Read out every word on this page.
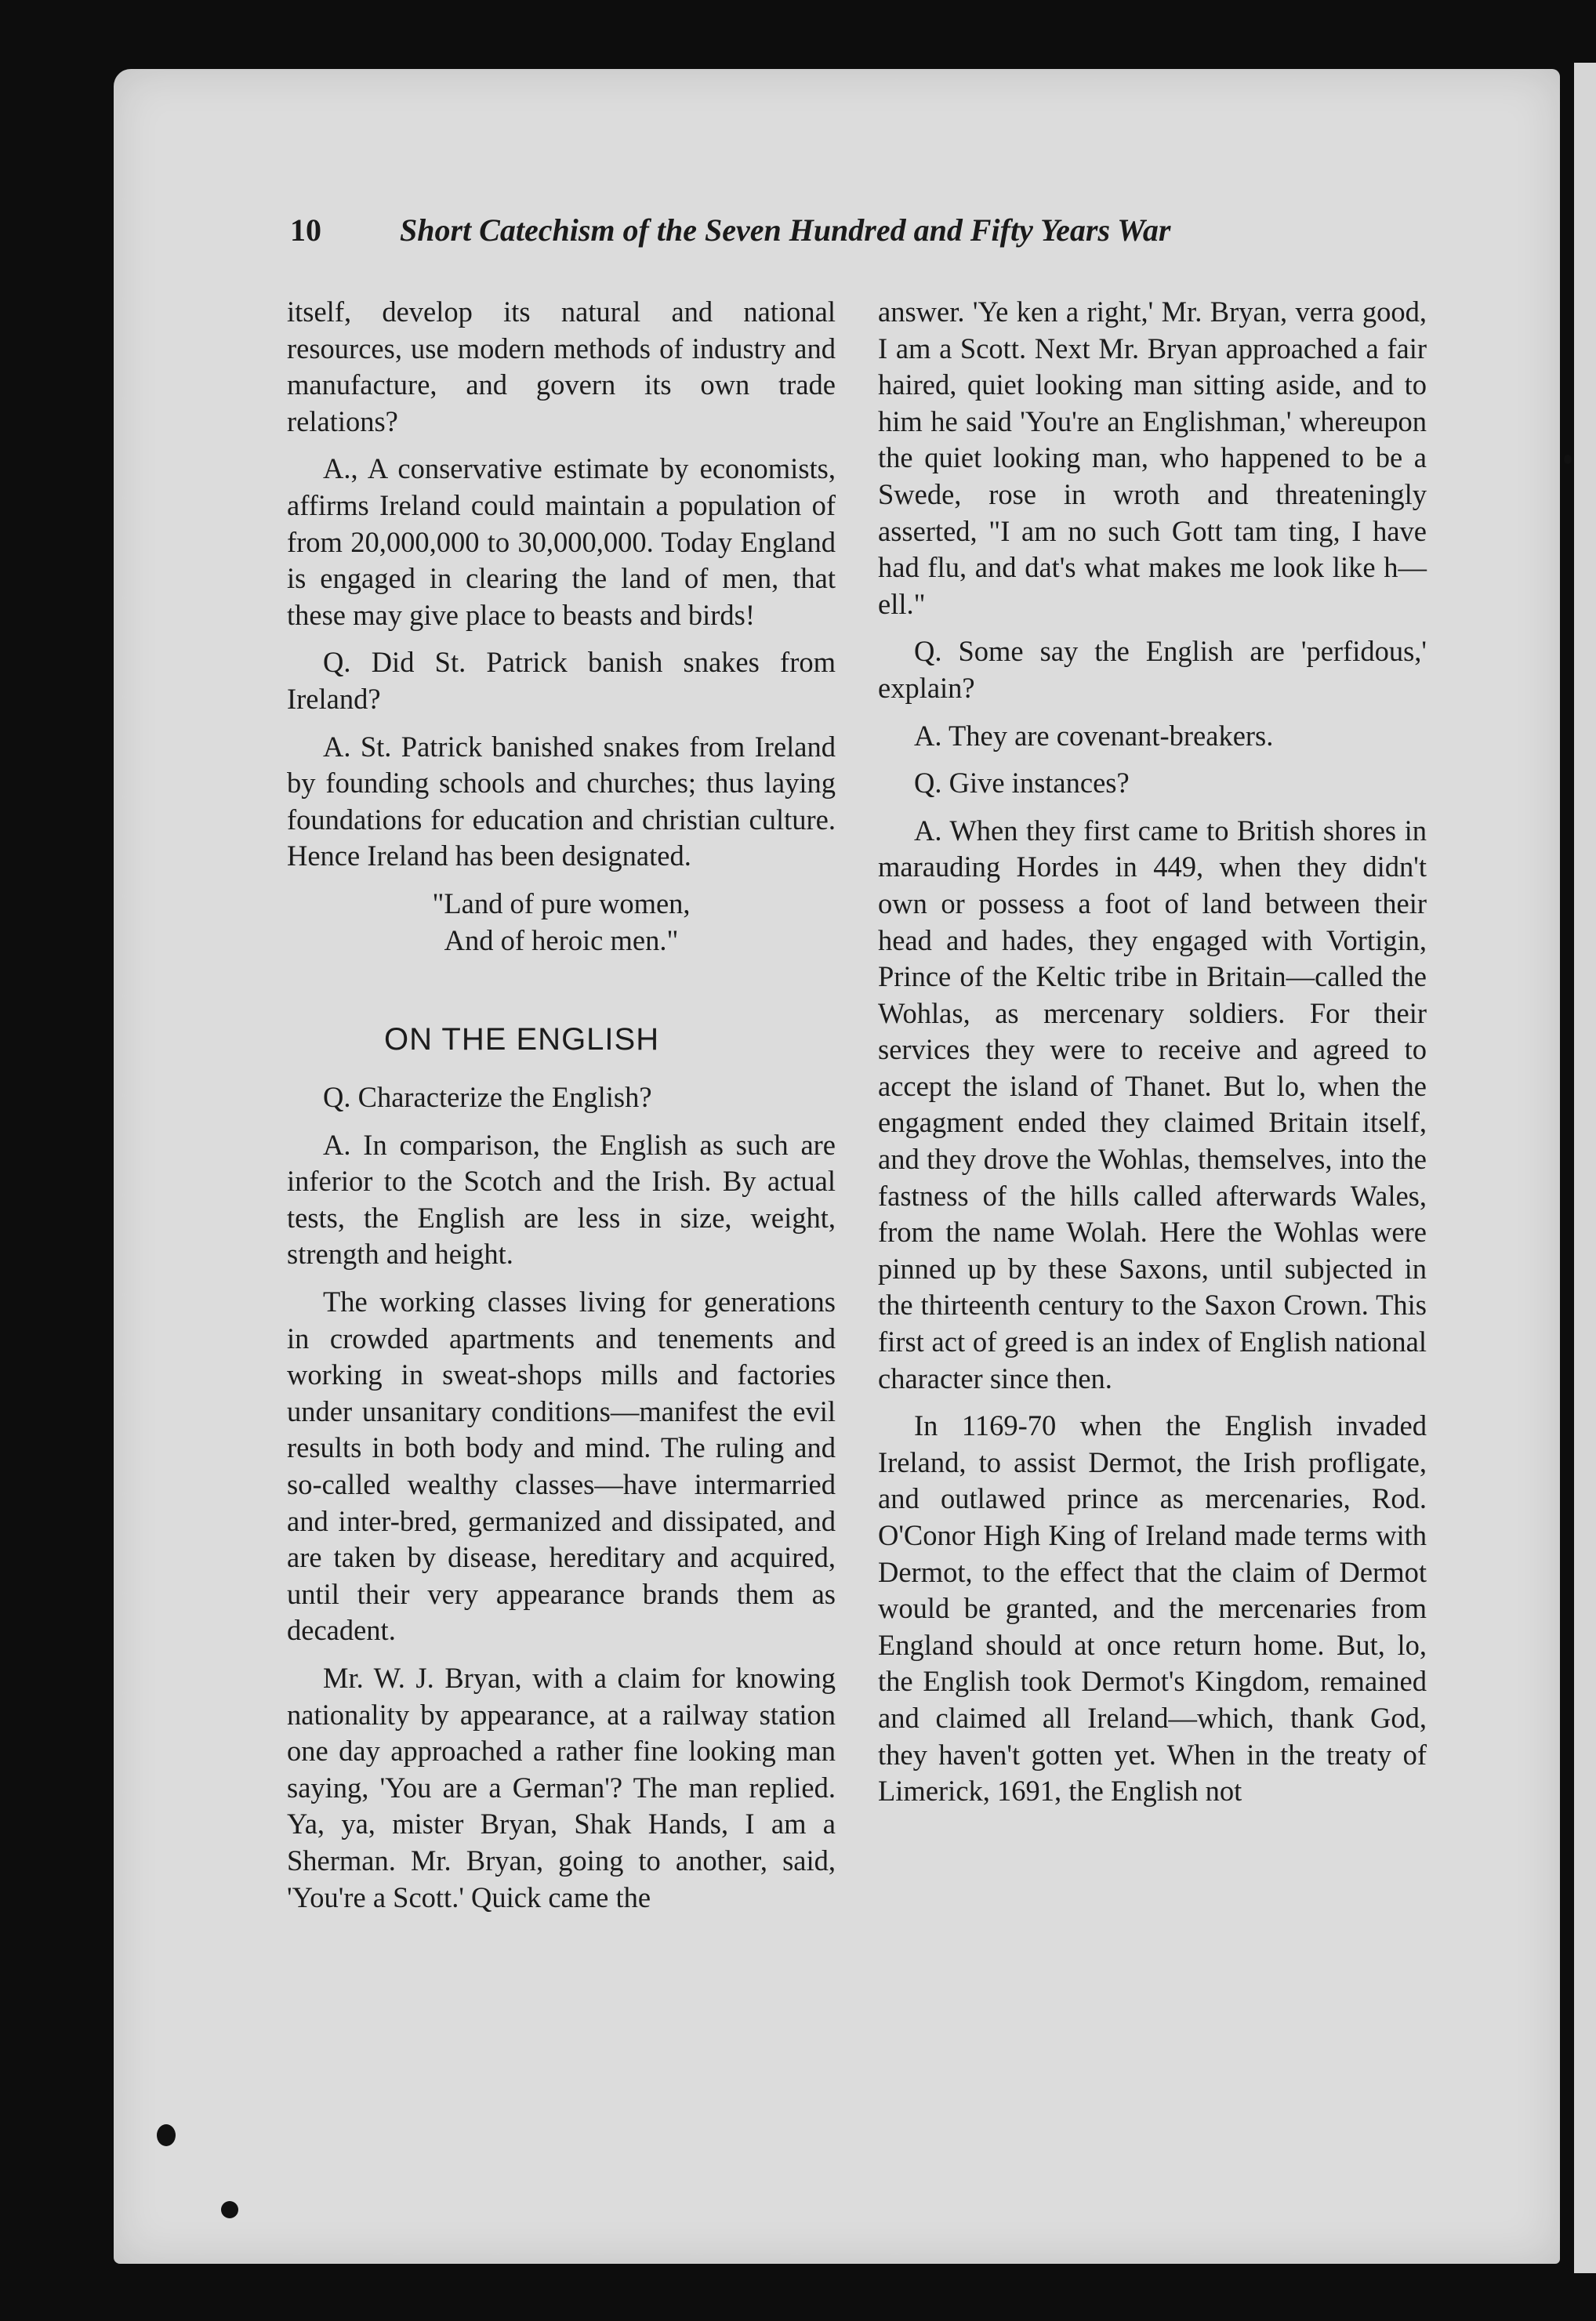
10	Short Catechism of the Seven Hundred and Fifty Years War

itself, develop its natural and national resources, use modern methods of industry and manufacture, and govern its own trade relations?

A., A conservative estimate by economists, affirms Ireland could maintain a population of from 20,000,000 to 30,000,000. Today England is engaged in clearing the land of men, that these may give place to beasts and birds!

Q. Did St. Patrick banish snakes from Ireland?

A. St. Patrick banished snakes from Ireland by founding schools and churches; thus laying foundations for education and christian culture. Hence Ireland has been designated.

"Land of pure women,

And of heroic men."

ON THE ENGLISH

Q. Characterize the English?

A. In comparison, the English as such are inferior to the Scotch and the Irish. By actual tests, the English are less in size, weight, strength and height.

The working classes living for generations in crowded apartments and tenements and working in sweat-shops mills and factories under unsanitary conditions—manifest the evil results in both body and mind. The ruling and so-called wealthy classes—have intermarried and inter-bred, germanized and dissipated, and are taken by disease, hereditary and acquired, until their very appearance brands them as decadent.

Mr. W. J. Bryan, with a claim for knowing nationality by appearance, at a railway station one day approached a rather fine looking man saying, 'You are a German'? The man replied. Ya, ya, mister Bryan, Shak Hands, I am a Sherman. Mr. Bryan, going to another, said, 'You're a Scott.' Quick came the

answer. 'Ye ken a right,' Mr. Bryan, verra good, I am a Scott. Next Mr. Bryan approached a fair haired, quiet looking man sitting aside, and to him he said 'You're an Englishman,' whereupon the quiet looking man, who happened to be a Swede, rose in wroth and threateningly asserted, "I am no such Gott tam ting, I have had flu, and dat's what makes me look like h—ell."

Q. Some say the English are 'perfidous,' explain?

A. They are covenant-breakers.

Q. Give instances?

A. When they first came to British shores in marauding Hordes in 449, when they didn't own or possess a foot of land between their head and hades, they engaged with Vortigin, Prince of the Keltic tribe in Britain—called the Wohlas, as mercenary soldiers. For their services they were to receive and agreed to accept the island of Thanet. But lo, when the engagment ended they claimed Britain itself, and they drove the Wohlas, themselves, into the fastness of the hills called afterwards Wales, from the name Wolah. Here the Wohlas were pinned up by these Saxons, until subjected in the thirteenth century to the Saxon Crown. This first act of greed is an index of English national character since then.

In 1169-70 when the English invaded Ireland, to assist Dermot, the Irish profligate, and outlawed prince as mercenaries, Rod. O'Conor High King of Ireland made terms with Dermot, to the effect that the claim of Dermot would be granted, and the mercenaries from England should at once return home. But, lo, the English took Dermot's Kingdom, remained and claimed all Ireland—which, thank God, they haven't gotten yet. When in the treaty of Limerick, 1691, the English not
